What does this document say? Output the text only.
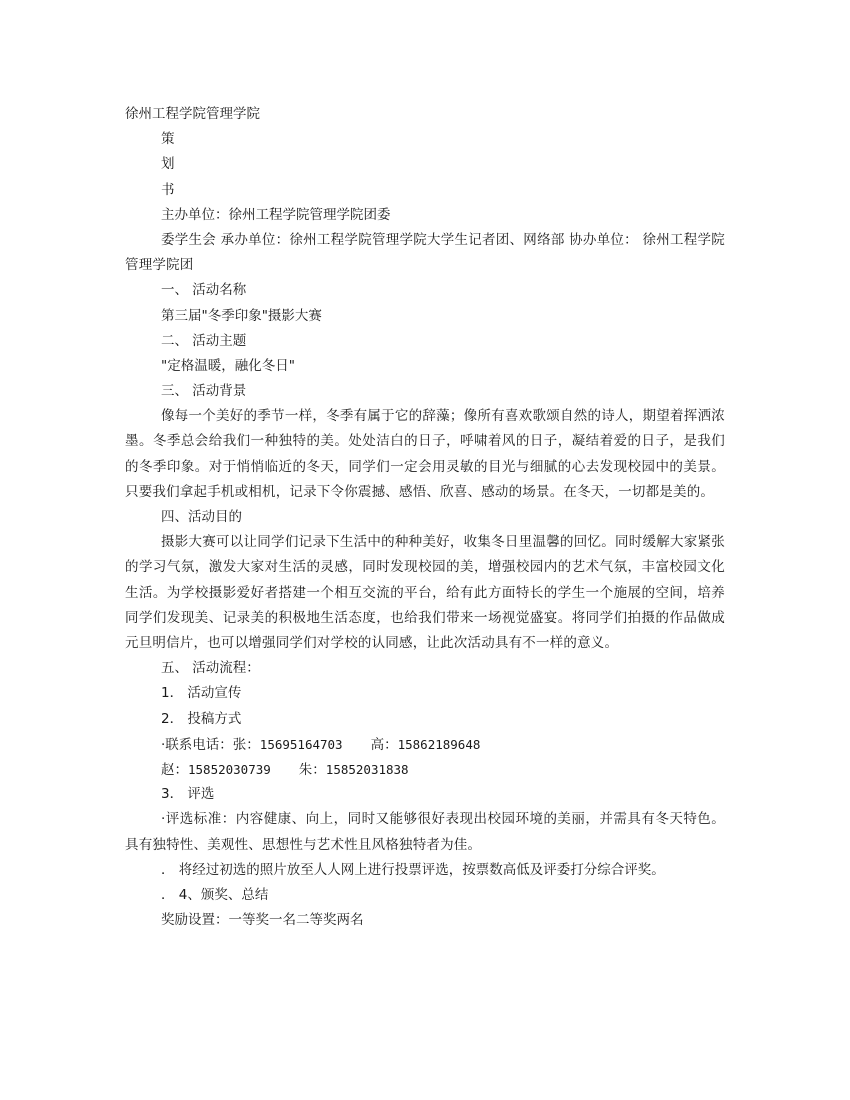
徐州工程学院管理学院
策
划
书
主办单位：徐州工程学院管理学院团委

委学生会 承办单位：徐州工程学院管理学院大学生记者团、网络部 协办单位： 徐州工程学院管理学院团

一、 活动名称
第三届"冬季印象"摄影大赛
二、 活动主题
"定格温暖，融化冬日"
三、 活动背景

像每一个美好的季节一样，冬季有属于它的辞藻；像所有喜欢歌颂自然的诗人，期望着挥洒浓墨。冬季总会给我们一种独特的美。处处洁白的日子，呼啸着风的日子，凝结着爱的日子，是我们的冬季印象。对于悄悄临近的冬天，同学们一定会用灵敏的目光与细腻的心去发现校园中的美景。只要我们拿起手机或相机，记录下令你震撼、感悟、欣喜、感动的场景。在冬天，一切都是美的。

四、活动目的

摄影大赛可以让同学们记录下生活中的种种美好，收集冬日里温馨的回忆。同时缓解大家紧张的学习气氛，激发大家对生活的灵感，同时发现校园的美，增强校园内的艺术气氛，丰富校园文化生活。为学校摄影爱好者搭建一个相互交流的平台，给有此方面特长的学生一个施展的空间，培养同学们发现美、记录美的积极地生活态度，也给我们带来一场视觉盛宴。将同学们拍摄的作品做成元旦明信片，也可以增强同学们对学校的认同感，让此次活动具有不一样的意义。

五、 活动流程：
1． 活动宣传
2． 投稿方式
·联系电话：张：15695164703 高：15862189648
赵：15852030739 朱：15852031838
3． 评选

·评选标准：内容健康、向上，同时又能够很好表现出校园环境的美丽，并需具有冬天特色。具有独特性、美观性、思想性与艺术性且风格独特者为佳。

． 将经过初选的照片放至人人网上进行投票评选，按票数高低及评委打分综合评奖。
． 4、颁奖、总结
奖励设置：一等奖一名二等奖两名
